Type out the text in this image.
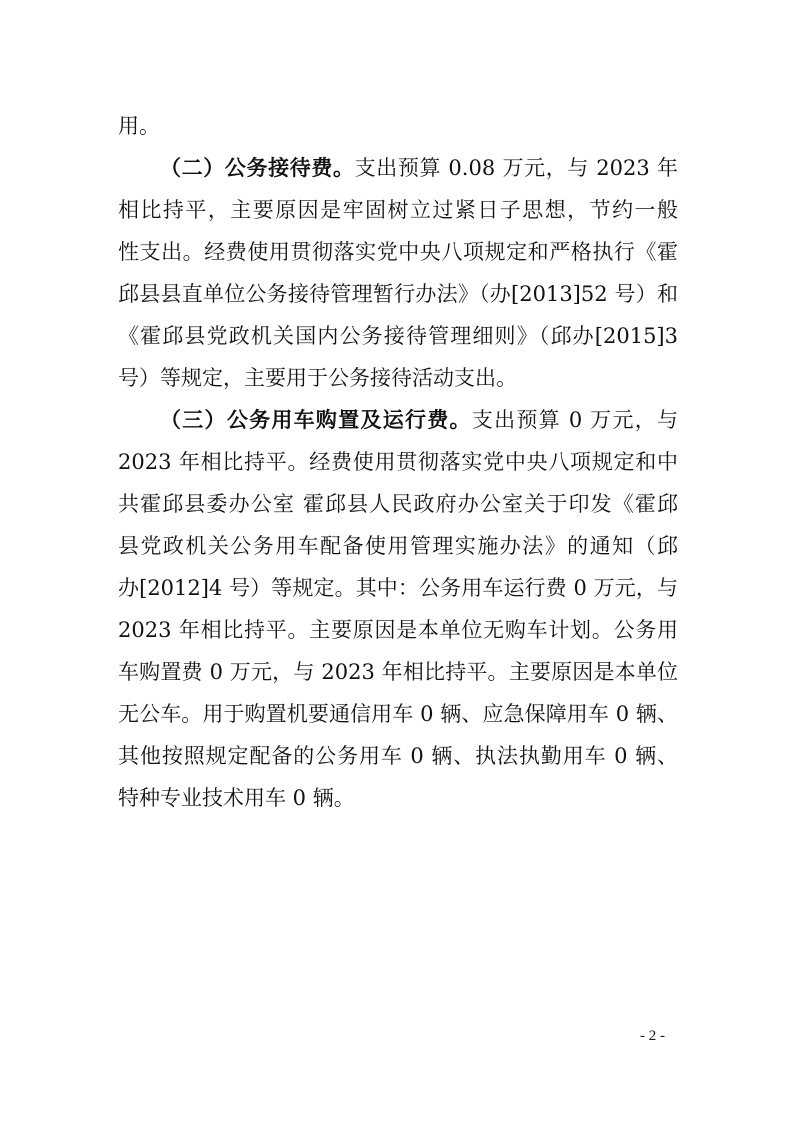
用。
（二）公务接待费。支出预算 0.08 万元，与 2023 年
相比持平，主要原因是牢固树立过紧日子思想，节约一般
性支出。经费使用贯彻落实党中央八项规定和严格执行《霍
邱县县直单位公务接待管理暂行办法》（办[2013]52 号）和
《霍邱县党政机关国内公务接待管理细则》（邱办[2015]3
号）等规定，主要用于公务接待活动支出。
（三）公务用车购置及运行费。支出预算 0 万元，与
2023 年相比持平。经费使用贯彻落实党中央八项规定和中
共霍邱县委办公室 霍邱县人民政府办公室关于印发《霍邱
县党政机关公务用车配备使用管理实施办法》的通知（邱
办[2012]4 号）等规定。其中：公务用车运行费 0 万元，与
2023 年相比持平。主要原因是本单位无购车计划。公务用
车购置费 0 万元，与 2023 年相比持平。主要原因是本单位
无公车。用于购置机要通信用车 0 辆、应急保障用车 0 辆、
其他按照规定配备的公务用车 0 辆、执法执勤用车 0 辆、
特种专业技术用车 0 辆。
- 2 -
